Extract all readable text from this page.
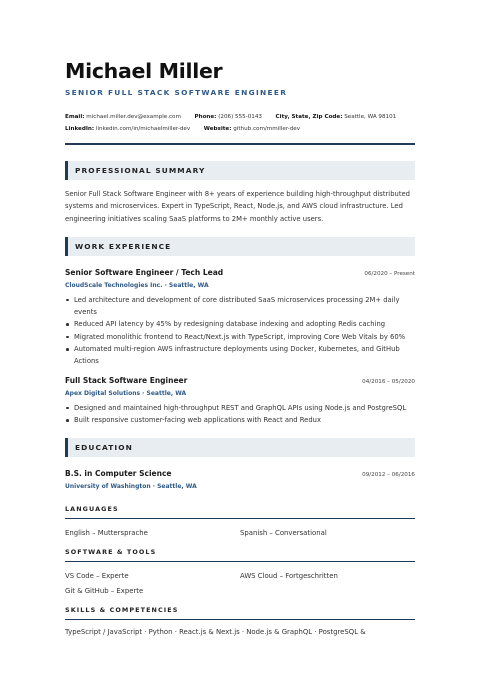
Michael Miller
SENIOR FULL STACK SOFTWARE ENGINEER
Email: michael.miller.dev@example.com Phone: (206) 555-0143 City, State, Zip Code: Seattle, WA 98101
LinkedIn: linkedin.com/in/michaelmiller-dev Website: github.com/mmiller-dev
PROFESSIONAL SUMMARY
Senior Full Stack Software Engineer with 8+ years of experience building high-throughput distributed systems and microservices. Expert in TypeScript, React, Node.js, and AWS cloud infrastructure. Led engineering initiatives scaling SaaS platforms to 2M+ monthly active users.
WORK EXPERIENCE
Senior Software Engineer / Tech Lead	06/2020 – Present
CloudScale Technologies Inc. · Seattle, WA
Led architecture and development of core distributed SaaS microservices processing 2M+ daily events
Reduced API latency by 45% by redesigning database indexing and adopting Redis caching
Migrated monolithic frontend to React/Next.js with TypeScript, improving Core Web Vitals by 60%
Automated multi-region AWS infrastructure deployments using Docker, Kubernetes, and GitHub Actions
Full Stack Software Engineer	04/2016 – 05/2020
Apex Digital Solutions · Seattle, WA
Designed and maintained high-throughput REST and GraphQL APIs using Node.js and PostgreSQL
Built responsive customer-facing web applications with React and Redux
EDUCATION
B.S. in Computer Science	09/2012 – 06/2016
University of Washington · Seattle, WA
LANGUAGES
English – Muttersprache	Spanish – Conversational
SOFTWARE & TOOLS
VS Code – Experte	AWS Cloud – Fortgeschritten
Git & GitHub – Experte
SKILLS & COMPETENCIES
TypeScript / JavaScript · Python · React.js & Next.js · Node.js & GraphQL · PostgreSQL &
